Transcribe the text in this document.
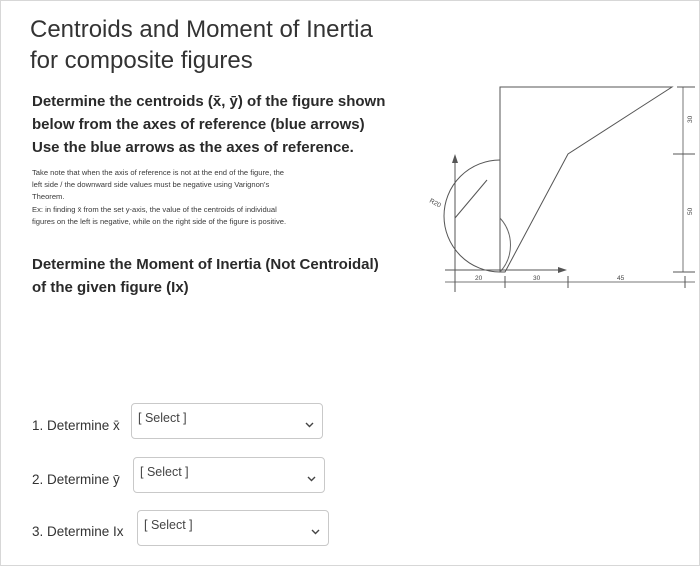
Centroids and Moment of Inertia
for composite figures
Determine the centroids (x̄, ȳ) of the figure shown
below from the axes of reference (blue arrows)
Use the blue arrows as the axes of reference.
Take note that when the axis of reference is not at the end of the figure, the
left side / the downward side values must be negative using Varignon's
Theorem.
Ex: in finding x̄ from the set y-axis, the value of the centroids of individual
figures on the left is negative, while on the right side of the figure is positive.
Determine the Moment of Inertia (Not Centroidal)
of the given figure (Ix)
R20
20	30	45
30
50
1. Determine x̄ [ Select ]
2. Determine ȳ [ Select ]
3. Determine Ix [ Select ]
